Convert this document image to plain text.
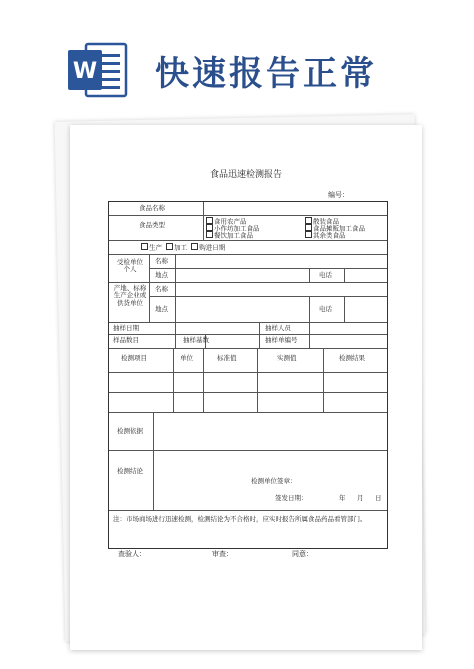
W 快速报告正常
食品迅速检测报告
编号：
食品名称
食品类型	食用农产品	散装食品
小作坊加工食品	食品摊贩加工食品
餐饮加工食品	其余类食品
生产 加工 购进日期
受检单位个人
名称
地点	电话
产地、标称生产企业或供货单位
名称
地点	电话
抽样日期	抽样人员
样品数目	抽样基数	抽样单编号
检测项目	单位	标准值	实测值	检测结果
检测依据
检测结论
检测单位签章：
签发日期：	年 月 日
注：市场商场进行迅速检测，检测结论为不合格时，应实时报告所属食品药品看管部门。
查验人：	审查：	同意：
